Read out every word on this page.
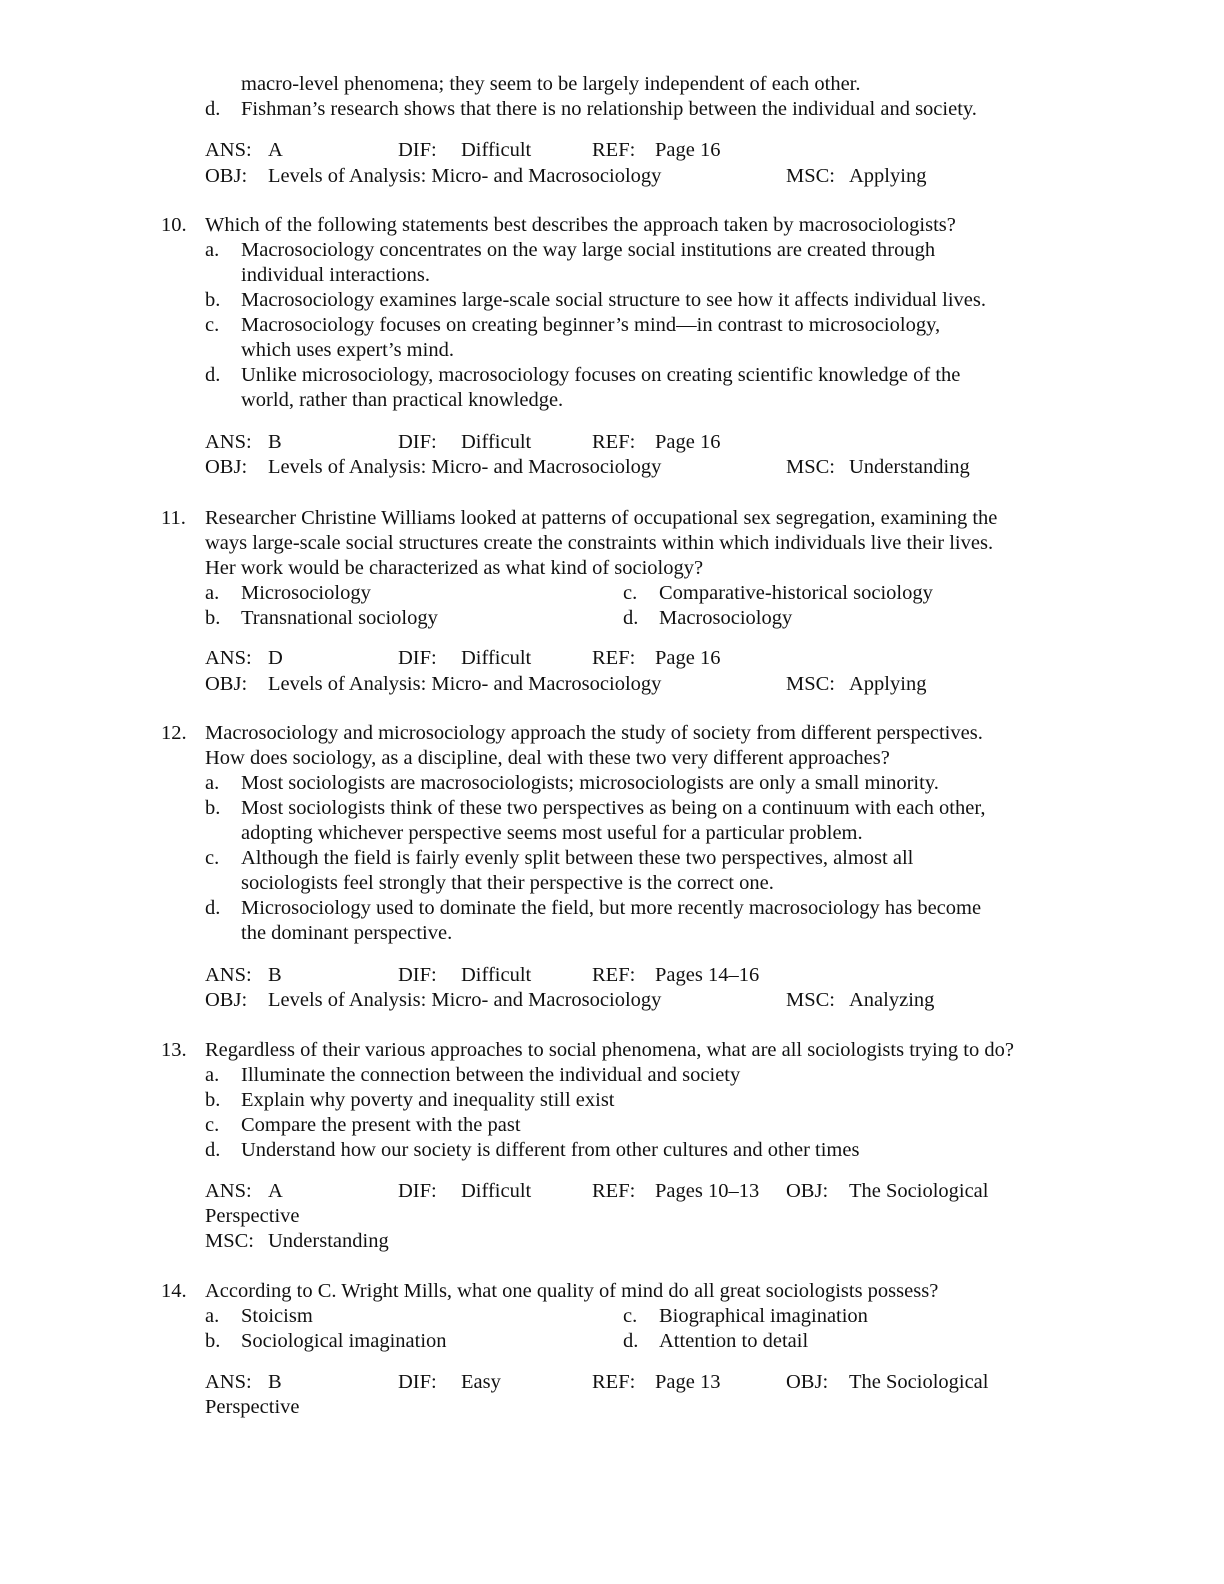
macro-level phenomena; they seem to be largely independent of each other.
d. Fishman’s research shows that there is no relationship between the individual and society.
ANS: A	DIF: Difficult	REF: Page 16
OBJ: Levels of Analysis: Micro- and Macrosociology	MSC: Applying
10. Which of the following statements best describes the approach taken by macrosociologists?
a. Macrosociology concentrates on the way large social institutions are created through
individual interactions.
b. Macrosociology examines large-scale social structure to see how it affects individual lives.
c. Macrosociology focuses on creating beginner’s mind—in contrast to microsociology,
which uses expert’s mind.
d. Unlike microsociology, macrosociology focuses on creating scientific knowledge of the
world, rather than practical knowledge.
ANS: B	DIF: Difficult	REF: Page 16
OBJ: Levels of Analysis: Micro- and Macrosociology	MSC: Understanding
11. Researcher Christine Williams looked at patterns of occupational sex segregation, examining the
ways large-scale social structures create the constraints within which individuals live their lives.
Her work would be characterized as what kind of sociology?
a. Microsociology	c. Comparative-historical sociology
b. Transnational sociology	d. Macrosociology
ANS: D	DIF: Difficult	REF: Page 16
OBJ: Levels of Analysis: Micro- and Macrosociology	MSC: Applying
12. Macrosociology and microsociology approach the study of society from different perspectives.
How does sociology, as a discipline, deal with these two very different approaches?
a. Most sociologists are macrosociologists; microsociologists are only a small minority.
b. Most sociologists think of these two perspectives as being on a continuum with each other,
adopting whichever perspective seems most useful for a particular problem.
c. Although the field is fairly evenly split between these two perspectives, almost all
sociologists feel strongly that their perspective is the correct one.
d. Microsociology used to dominate the field, but more recently macrosociology has become
the dominant perspective.
ANS: B	DIF: Difficult	REF: Pages 14–16
OBJ: Levels of Analysis: Micro- and Macrosociology	MSC: Analyzing
13. Regardless of their various approaches to social phenomena, what are all sociologists trying to do?
a. Illuminate the connection between the individual and society
b. Explain why poverty and inequality still exist
c. Compare the present with the past
d. Understand how our society is different from other cultures and other times
ANS: A	DIF: Difficult	REF: Pages 10–13 OBJ: The Sociological
Perspective
MSC: Understanding
14. According to C. Wright Mills, what one quality of mind do all great sociologists possess?
a. Stoicism	c. Biographical imagination
b. Sociological imagination	d. Attention to detail
ANS: B	DIF: Easy	REF: Page 13	OBJ: The Sociological
Perspective
